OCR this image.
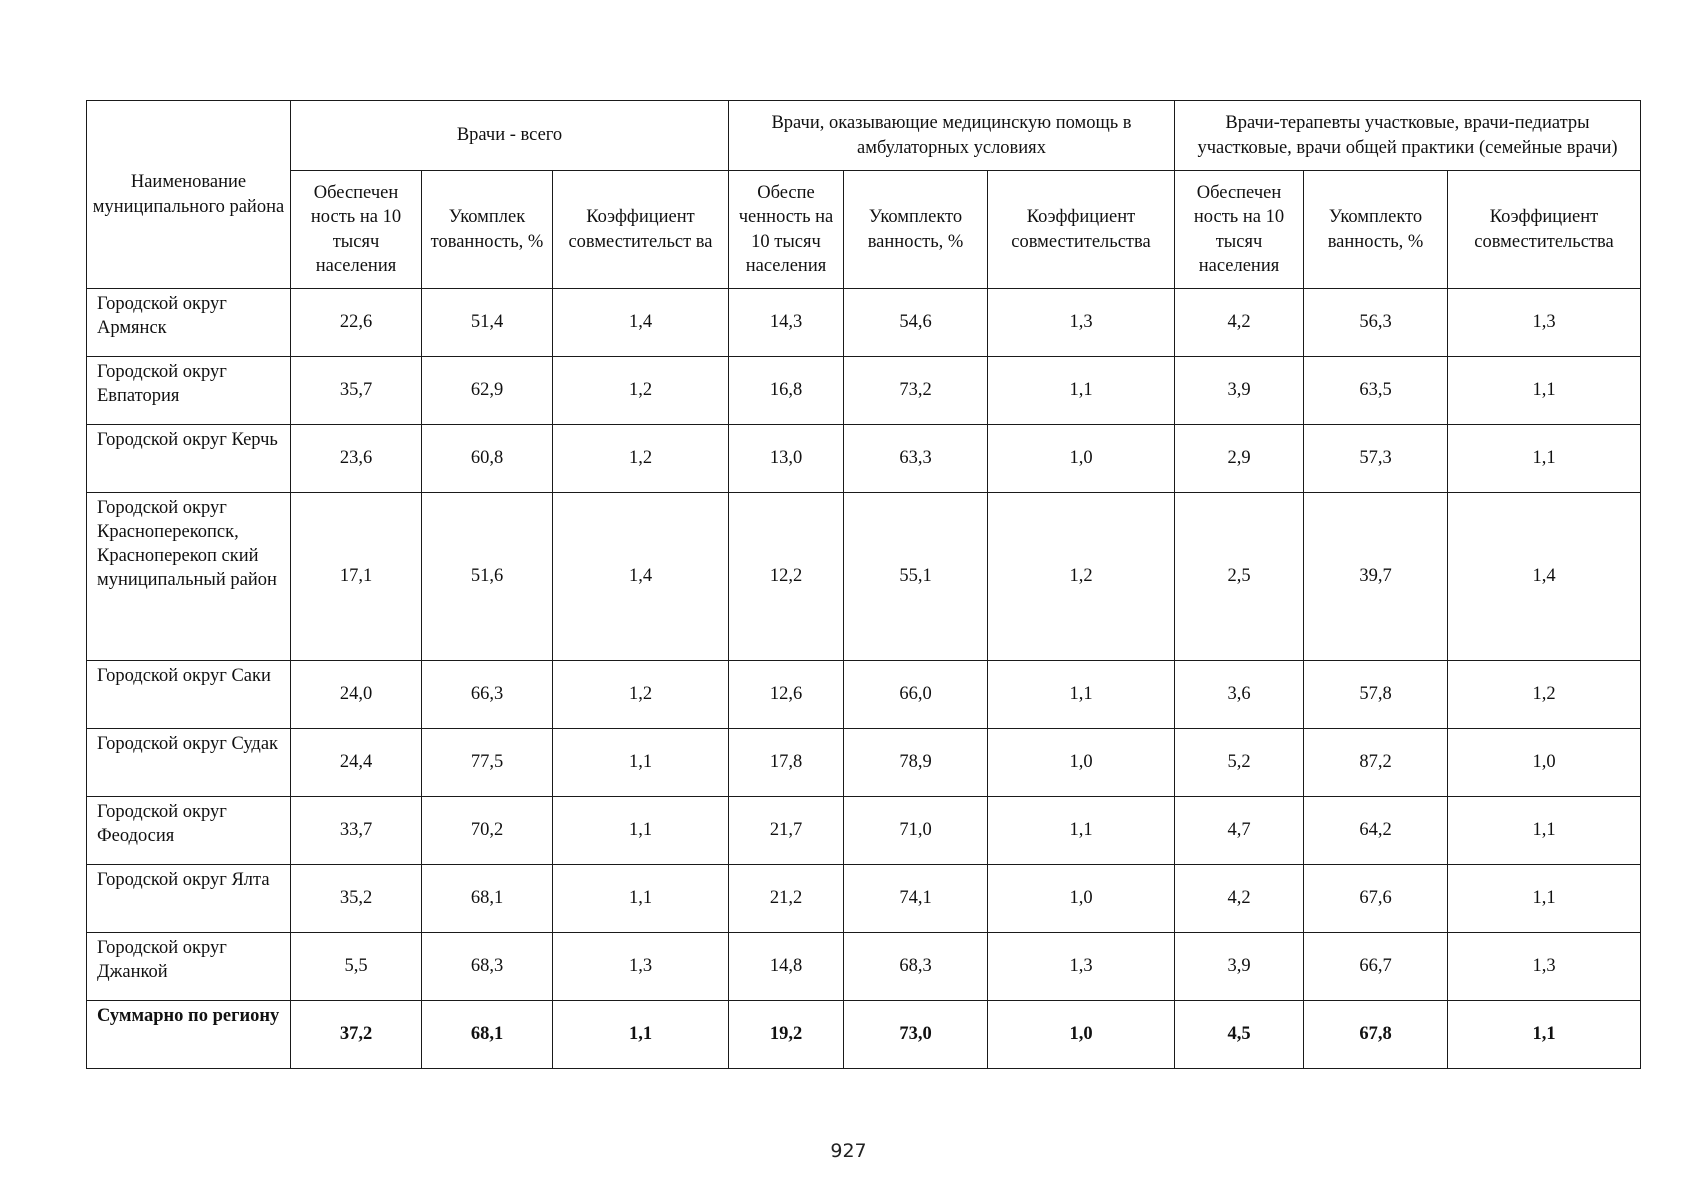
Наименование муниципального района	Врачи - всего			Врачи, оказывающие медицинскую помощь в амбулаторных условиях			Врачи-терапевты участковые, врачи-педиатры участковые, врачи общей практики (семейные врачи)		
	Обеспечен ность на 10 тысяч населения	Укомплек тованность, %	Коэффициент совместительст ва	Обеспе ченность на 10 тысяч населения	Укомплекто ванность, %	Коэффициент совместительства	Обеспечен ность на 10 тысяч населения	Укомплекто ванность, %	Коэффициент совместительства
Городской округ Армянск	22,6	51,4	1,4	14,3	54,6	1,3	4,2	56,3	1,3
Городской округ Евпатория	35,7	62,9	1,2	16,8	73,2	1,1	3,9	63,5	1,1
Городской округ Керчь	23,6	60,8	1,2	13,0	63,3	1,0	2,9	57,3	1,1
Городской округ Красноперекопск, Красноперекоп ский муниципальный район	17,1	51,6	1,4	12,2	55,1	1,2	2,5	39,7	1,4
Городской округ Саки	24,0	66,3	1,2	12,6	66,0	1,1	3,6	57,8	1,2
Городской округ Судак	24,4	77,5	1,1	17,8	78,9	1,0	5,2	87,2	1,0
Городской округ Феодосия	33,7	70,2	1,1	21,7	71,0	1,1	4,7	64,2	1,1
Городской округ Ялта	35,2	68,1	1,1	21,2	74,1	1,0	4,2	67,6	1,1
Городской округ Джанкой	5,5	68,3	1,3	14,8	68,3	1,3	3,9	66,7	1,3
Суммарно по региону	37,2	68,1	1,1	19,2	73,0	1,0	4,5	67,8	1,1
927
